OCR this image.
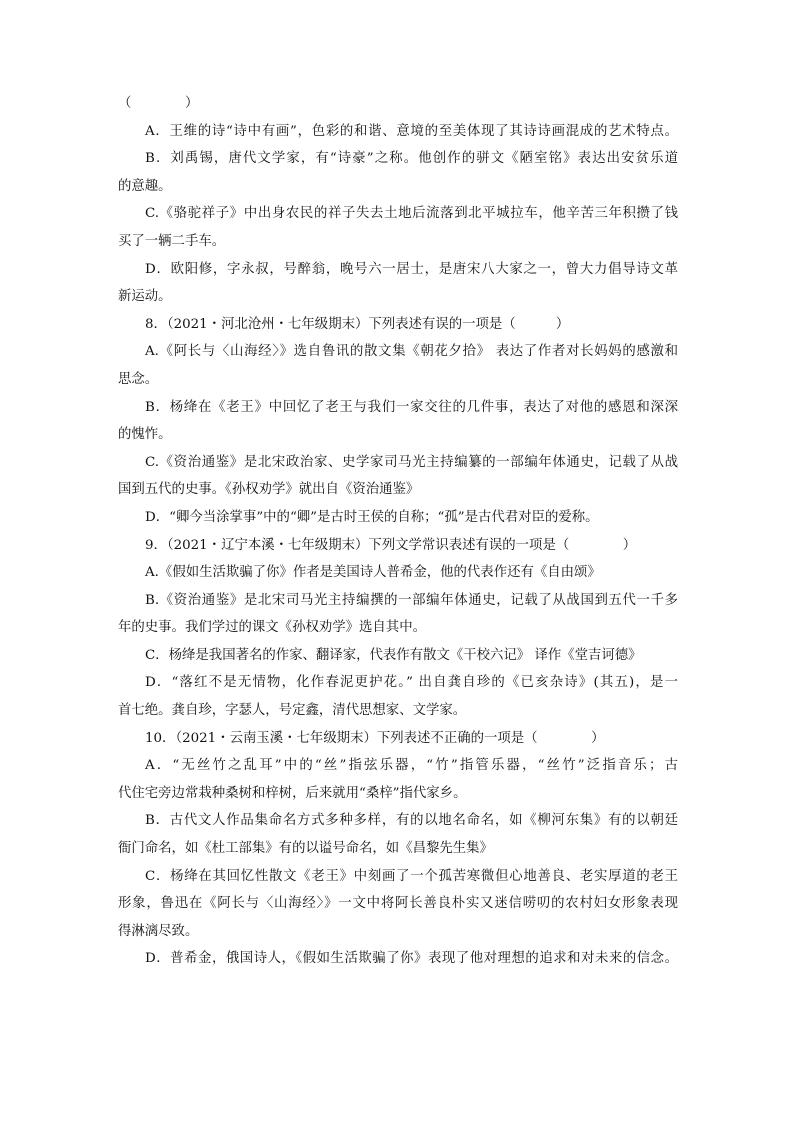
（　　　　）
A．王维的诗“诗中有画”，色彩的和谐、意境的至美体现了其诗诗画混成的艺术特点。
B．刘禹锡，唐代文学家，有“诗豪”之称。他创作的骈文《陋室铭》表达出安贫乐道
的意趣。
C.《骆驼祥子》中出身农民的祥子失去土地后流落到北平城拉车，他辛苦三年积攒了钱
买了一辆二手车。
D．欧阳修，字永叔，号醉翁，晚号六一居士，是唐宋八大家之一，曾大力倡导诗文革
新运动。
8．（2021・河北沧州・七年级期末）下列表述有误的一项是（　　　）
A.《阿长与〈山海经〉》选自鲁讯的散文集《朝花夕拾》 表达了作者对长妈妈的感激和
思念。
B．杨绛在《老王》中回忆了老王与我们一家交往的几件事，表达了对他的感恩和深深
的愧怍。
C.《资治通鉴》是北宋政治家、史学家司马光主持编纂的一部编年体通史，记载了从战
国到五代的史事。《孙权劝学》就出自《资治通鉴》
D．“卿今当涂掌事”中的“卿”是古时王侯的自称；“孤”是古代君对臣的爱称。
9．（2021・辽宁本溪・七年级期末）下列文学常识表述有误的一项是（　　　　）
A.《假如生活欺骗了你》作者是美国诗人普希金，他的代表作还有《自由颂》
B.《资治通鉴》是北宋司马光主持编撰的一部编年体通史，记载了从战国到五代一千多
年的史事。我们学过的课文《孙权劝学》选自其中。
C．杨绛是我国著名的作家、翻译家，代表作有散文《干校六记》 译作《堂吉诃德》
D．“落红不是无情物，化作春泥更护花。” 出自龚自珍的《已亥杂诗》(其五)，是一
首七绝。龚自珍，字瑟人，号定鑫，清代思想家、文学家。
10．（2021・云南玉溪・七年级期末）下列表述不正确的一项是（　　　　）
A．“无丝竹之乱耳”中的“丝”指弦乐器，“竹”指管乐器，“丝竹”泛指音乐；古
代住宅旁边常栽种桑树和梓树，后来就用“桑梓”指代家乡。
B．古代文人作品集命名方式多种多样，有的以地名命名，如《柳河东集》有的以朝廷
衙门命名，如《杜工部集》有的以谥号命名，如《昌黎先生集》
C．杨绛在其回忆性散文《老王》中刻画了一个孤苦寒微但心地善良、老实厚道的老王
形象，鲁迅在《阿长与〈山海经〉》一文中将阿长善良朴实又迷信唠叨的农村妇女形象表现
得淋漓尽致。
D．普希金，俄国诗人，《假如生活欺骗了你》表现了他对理想的追求和对未来的信念。
